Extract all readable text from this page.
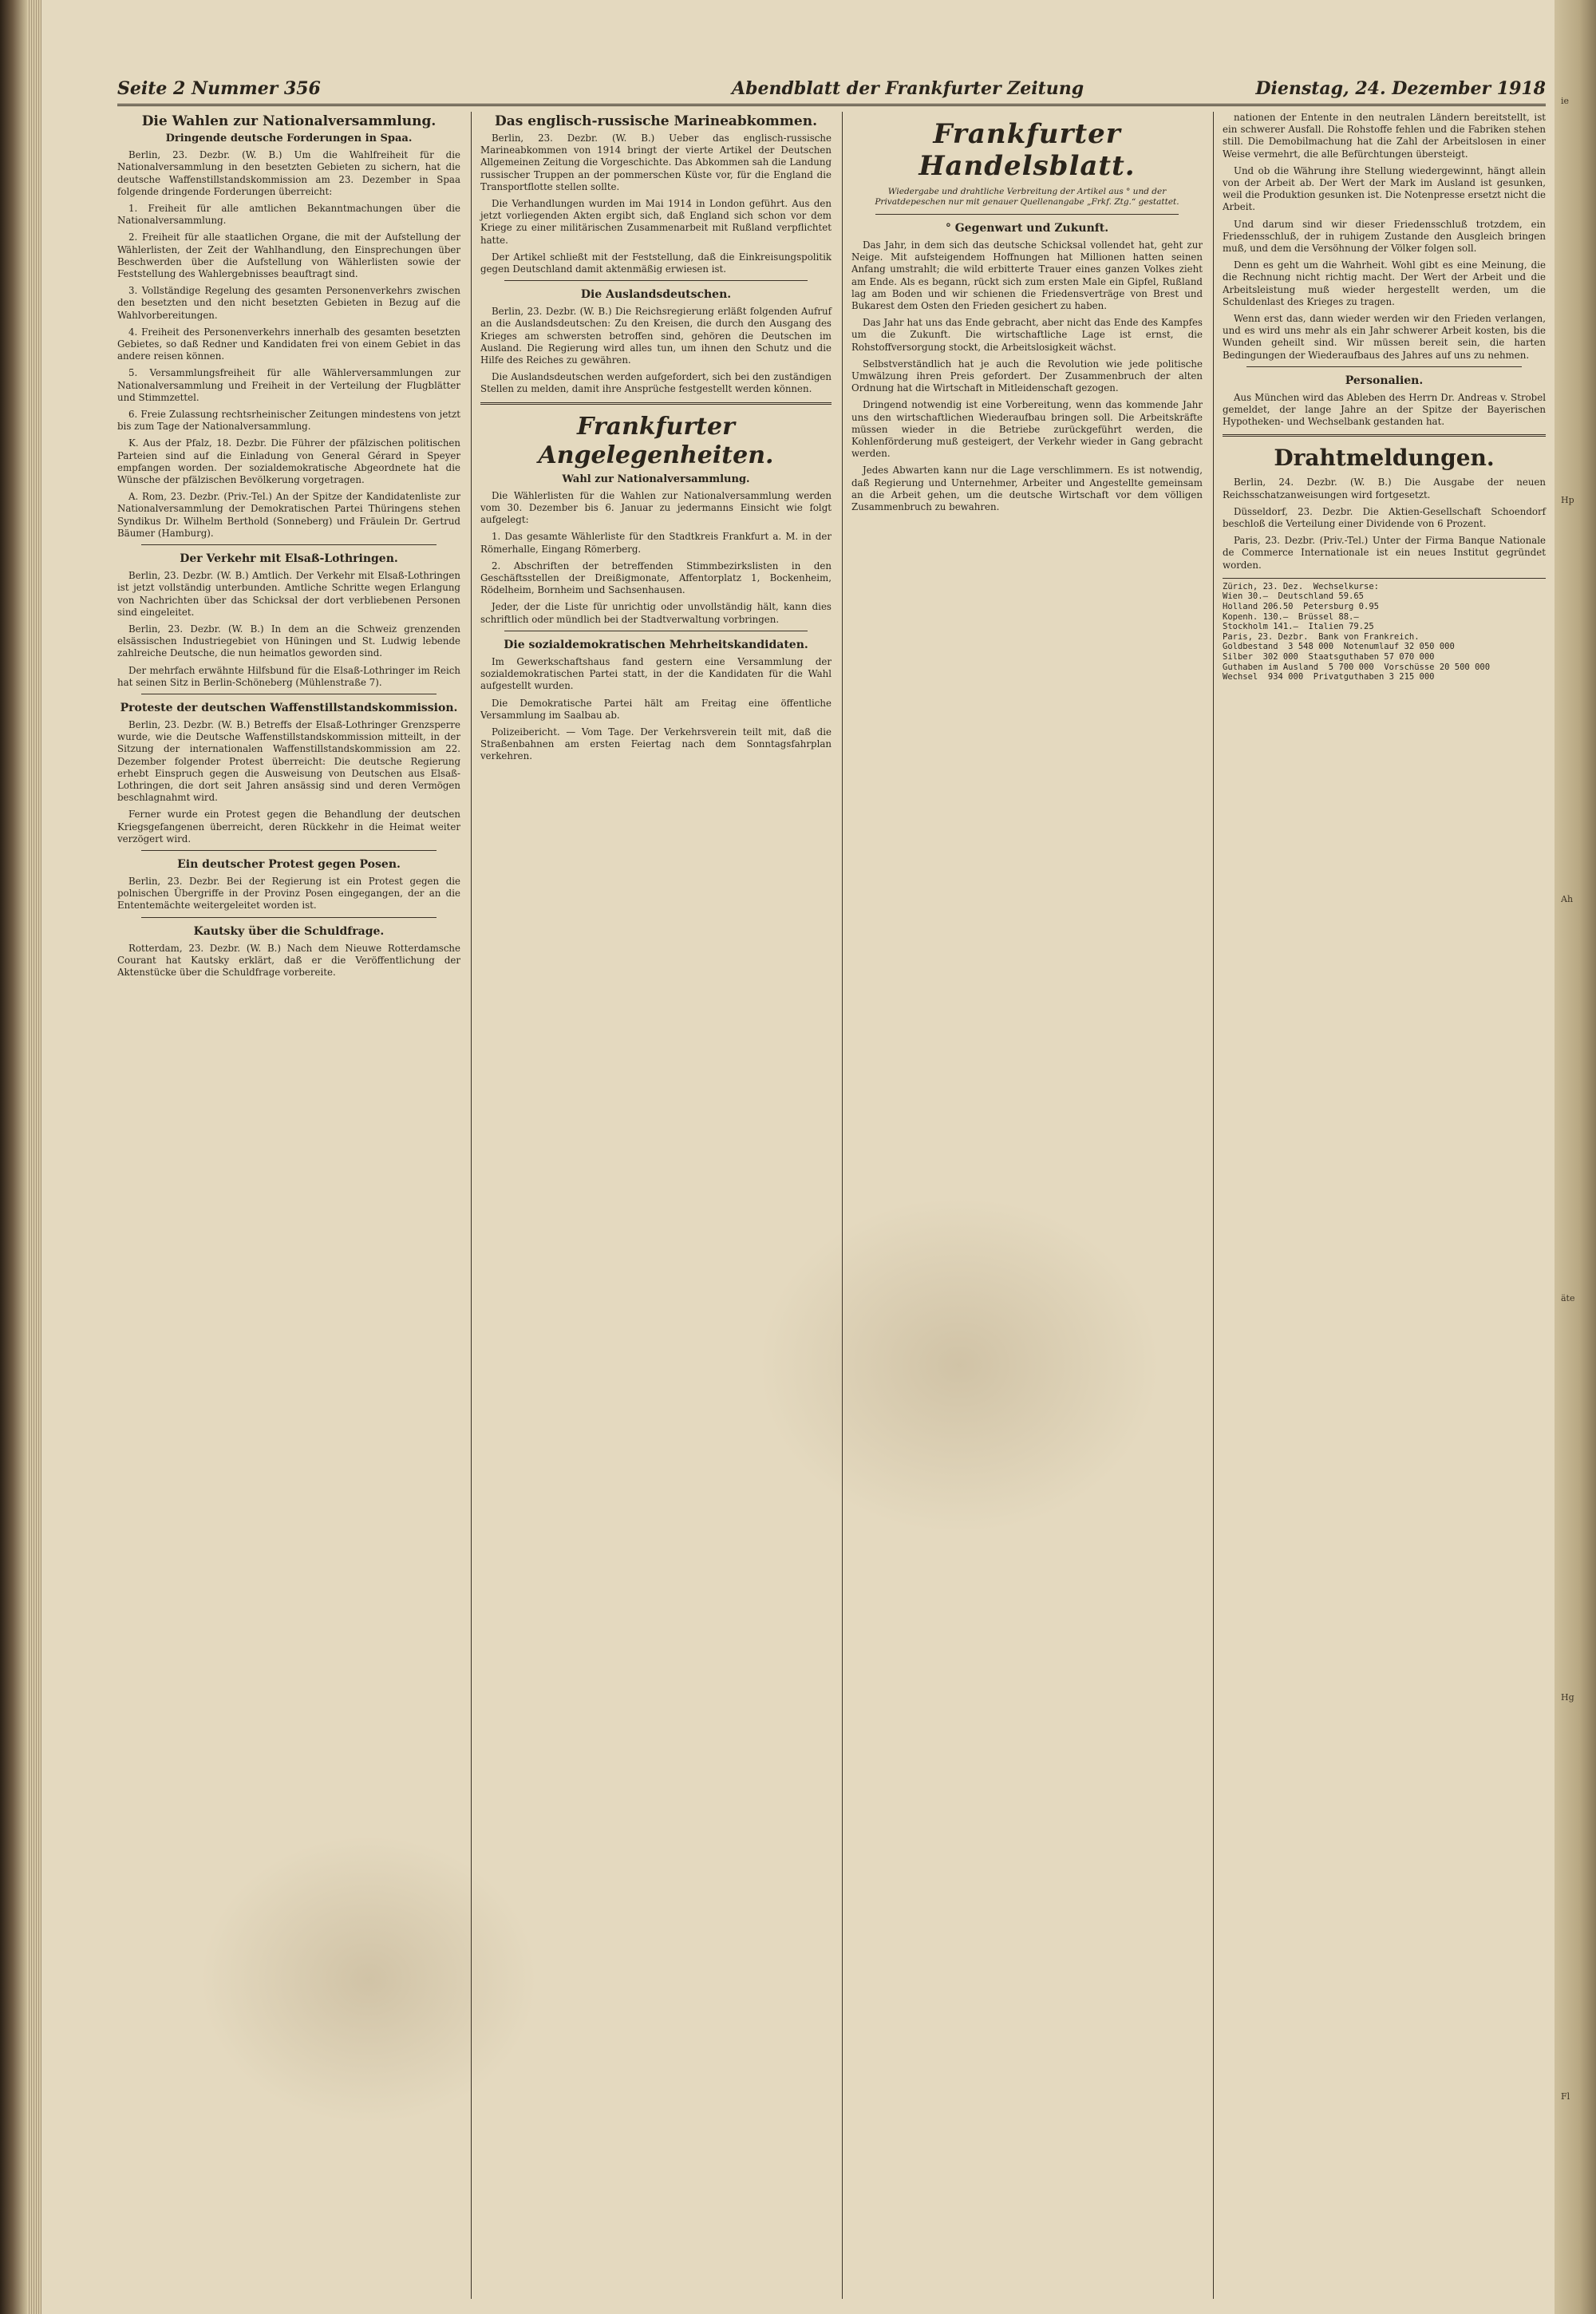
Seite 2 Nummer 356	Abendblatt der Frankfurter Zeitung	Dienstag, 24. Dezember 1918
Die Wahlen zur Nationalversammlung.
Dringende deutsche Forderungen in Spaa.

Berlin, 23. Dezbr. (W. B.) Um die Wahlfreiheit für die Nationalversammlung in den besetzten Gebieten zu sichern, hat die deutsche Waffenstillstandskommission am 23. Dezember in Spaa folgende dringende Forderungen überreicht:

1. Freiheit für alle amtlichen Bekanntmachungen über die Nationalversammlung.

2. Freiheit für alle staatlichen Organe, die mit der Aufstellung der Wählerlisten, der Zeit der Wahlhandlung, den Einsprechungen über Beschwerden über die Aufstellung von Wählerlisten sowie der Feststellung des Wahlergebnisses beauftragt sind.

3. Vollständige Regelung des gesamten Personenverkehrs zwischen den besetzten und den nicht besetzten Gebieten in Bezug auf die Wahlvorbereitungen.

4. Freiheit des Personenverkehrs innerhalb des gesamten besetzten Gebietes, so daß Redner und Kandidaten frei von einem Gebiet in das andere reisen können.

5. Versammlungsfreiheit für alle Wählerversammlungen zur Nationalversammlung und Freiheit in der Verteilung der Flugblätter und Stimmzettel.

6. Freie Zulassung rechtsrheinischer Zeitungen mindestens von jetzt bis zum Tage der Nationalversammlung.

K. Aus der Pfalz, 18. Dezbr. Die Führer der pfälzischen politischen Parteien sind auf die Einladung von General Gérard in Speyer empfangen worden. Der sozialdemokratische Abgeordnete hat die Wünsche der pfälzischen Bevölkerung vorgetragen.

A. Rom, 23. Dezbr. (Priv.-Tel.) An der Spitze der Kandidatenliste zur Nationalversammlung der Demokratischen Partei Thüringens stehen Syndikus Dr. Wilhelm Berthold (Sonneberg) und Fräulein Dr. Gertrud Bäumer (Hamburg).

Der Verkehr mit Elsaß-Lothringen.

Berlin, 23. Dezbr. (W. B.) Amtlich. Der Verkehr mit Elsaß-Lothringen ist jetzt vollständig unterbunden. Amtliche Schritte wegen Erlangung von Nachrichten über das Schicksal der dort verbliebenen Personen sind eingeleitet.

Berlin, 23. Dezbr. (W. B.) In dem an die Schweiz grenzenden elsässischen Industriegebiet von Hüningen und St. Ludwig lebende zahlreiche Deutsche, die nun heimatlos geworden sind.

Der mehrfach erwähnte Hilfsbund für die Elsaß-Lothringer im Reich hat seinen Sitz in Berlin-Schöneberg (Mühlenstraße 7).

Proteste der deutschen Waffenstillstandskommission.

Berlin, 23. Dezbr. (W. B.) Betreffs der Elsaß-Lothringer Grenzsperre wurde, wie die Deutsche Waffenstillstandskommission mitteilt, in der Sitzung der internationalen Waffenstillstandskommission am 22. Dezember folgender Protest überreicht: Die deutsche Regierung erhebt Einspruch gegen die Ausweisung von Deutschen aus Elsaß-Lothringen, die dort seit Jahren ansässig sind und deren Vermögen beschlagnahmt wird.

Ferner wurde ein Protest gegen die Behandlung der deutschen Kriegsgefangenen überreicht, deren Rückkehr in die Heimat weiter verzögert wird.

Ein deutscher Protest gegen Posen.

Berlin, 23. Dezbr. Bei der Regierung ist ein Protest gegen die polnischen Übergriffe in der Provinz Posen eingegangen, der an die Ententemächte weitergeleitet worden ist.

Kautsky über die Schuldfrage.

Rotterdam, 23. Dezbr. (W. B.) Nach dem Nieuwe Rotterdamsche Courant hat Kautsky erklärt, daß er die Veröffentlichung der Aktenstücke über die Schuldfrage vorbereite.

Das englisch-russische Marineabkommen.

Berlin, 23. Dezbr. (W. B.) Ueber das englisch-russische Marineabkommen von 1914 bringt der vierte Artikel der Deutschen Allgemeinen Zeitung die Vorgeschichte. Das Abkommen sah die Landung russischer Truppen an der pommerschen Küste vor, für die England die Transportflotte stellen sollte.

Die Verhandlungen wurden im Mai 1914 in London geführt. Aus den jetzt vorliegenden Akten ergibt sich, daß England sich schon vor dem Kriege zu einer militärischen Zusammenarbeit mit Rußland verpflichtet hatte.

Der Artikel schließt mit der Feststellung, daß die Einkreisungspolitik gegen Deutschland damit aktenmäßig erwiesen ist.

Die Auslandsdeutschen.

Berlin, 23. Dezbr. (W. B.) Die Reichsregierung erläßt folgenden Aufruf an die Auslandsdeutschen: Zu den Kreisen, die durch den Ausgang des Krieges am schwersten betroffen sind, gehören die Deutschen im Ausland. Die Regierung wird alles tun, um ihnen den Schutz und die Hilfe des Reiches zu gewähren.

Die Auslandsdeutschen werden aufgefordert, sich bei den zuständigen Stellen zu melden, damit ihre Ansprüche festgestellt werden können.

Frankfurter Angelegenheiten.
Wahl zur Nationalversammlung.

Die Wählerlisten für die Wahlen zur Nationalversammlung werden vom 30. Dezember bis 6. Januar zu jedermanns Einsicht wie folgt aufgelegt:

1. Das gesamte Wählerliste für den Stadtkreis Frankfurt a. M. in der Römerhalle, Eingang Römerberg.

2. Abschriften der betreffenden Stimmbezirkslisten in den Geschäftsstellen der Dreißigmonate, Affentorplatz 1, Bockenheim, Rödelheim, Bornheim und Sachsenhausen.

Jeder, der die Liste für unrichtig oder unvollständig hält, kann dies schriftlich oder mündlich bei der Stadtverwaltung vorbringen.

Die sozialdemokratischen Mehrheitskandidaten.

Im Gewerkschaftshaus fand gestern eine Versammlung der sozialdemokratischen Partei statt, in der die Kandidaten für die Wahl aufgestellt wurden.

Die Demokratische Partei hält am Freitag eine öffentliche Versammlung im Saalbau ab.

Polizeibericht. — Vom Tage. Der Verkehrsverein teilt mit, daß die Straßenbahnen am ersten Feiertag nach dem Sonntagsfahrplan verkehren.

Frankfurter Handelsblatt.
Wiedergabe und drahtliche Verbreitung der Artikel aus ° und der Privatdepeschen nur mit genauer Quellenangabe „Frkf. Ztg.“ gestattet.
° Gegenwart und Zukunft.

Das Jahr, in dem sich das deutsche Schicksal vollendet hat, geht zur Neige. Mit aufsteigendem Hoffnungen hat Millionen hatten seinen Anfang umstrahlt; die wild erbitterte Trauer eines ganzen Volkes zieht am Ende. Als es begann, rückt sich zum ersten Male ein Gipfel, Rußland lag am Boden und wir schienen die Friedensverträge von Brest und Bukarest dem Osten den Frieden gesichert zu haben.

Das Jahr hat uns das Ende gebracht, aber nicht das Ende des Kampfes um die Zukunft. Die wirtschaftliche Lage ist ernst, die Rohstoffversorgung stockt, die Arbeitslosigkeit wächst.

Selbstverständlich hat je auch die Revolution wie jede politische Umwälzung ihren Preis gefordert. Der Zusammenbruch der alten Ordnung hat die Wirtschaft in Mitleidenschaft gezogen.

Dringend notwendig ist eine Vorbereitung, wenn das kommende Jahr uns den wirtschaftlichen Wiederaufbau bringen soll. Die Arbeitskräfte müssen wieder in die Betriebe zurückgeführt werden, die Kohlenförderung muß gesteigert, der Verkehr wieder in Gang gebracht werden.

Jedes Abwarten kann nur die Lage verschlimmern. Es ist notwendig, daß Regierung und Unternehmer, Arbeiter und Angestellte gemeinsam an die Arbeit gehen, um die deutsche Wirtschaft vor dem völligen Zusammenbruch zu bewahren.

nationen der Entente in den neutralen Ländern bereitstellt, ist ein schwerer Ausfall. Die Rohstoffe fehlen und die Fabriken stehen still. Die Demobilmachung hat die Zahl der Arbeitslosen in einer Weise vermehrt, die alle Befürchtungen übersteigt.

Und ob die Währung ihre Stellung wiedergewinnt, hängt allein von der Arbeit ab. Der Wert der Mark im Ausland ist gesunken, weil die Produktion gesunken ist. Die Notenpresse ersetzt nicht die Arbeit.

Und darum sind wir dieser Friedensschluß trotzdem, ein Friedensschluß, der in ruhigem Zustande den Ausgleich bringen muß, und dem die Versöhnung der Völker folgen soll.

Denn es geht um die Wahrheit. Wohl gibt es eine Meinung, die die Rechnung nicht richtig macht. Der Wert der Arbeit und die Arbeitsleistung muß wieder hergestellt werden, um die Schuldenlast des Krieges zu tragen.

Wenn erst das, dann wieder werden wir den Frieden verlangen, und es wird uns mehr als ein Jahr schwerer Arbeit kosten, bis die Wunden geheilt sind. Wir müssen bereit sein, die harten Bedingungen der Wiederaufbaus des Jahres auf uns zu nehmen.

Personalien.

Aus München wird das Ableben des Herrn Dr. Andreas v. Strobel gemeldet, der lange Jahre an der Spitze der Bayerischen Hypotheken- und Wechselbank gestanden hat.

Drahtmeldungen.

Berlin, 24. Dezbr. (W. B.) Die Ausgabe der neuen Reichsschatzanweisungen wird fortgesetzt.

Düsseldorf, 23. Dezbr. Die Aktien-Gesellschaft Schoendorf beschloß die Verteilung einer Dividende von 6 Prozent.

Paris, 23. Dezbr. (Priv.-Tel.) Unter der Firma Banque Nationale de Commerce Internationale ist ein neues Institut gegründet worden.

Zürich, 23. Dez.  Wechselkurse:
Wien 30.—  Deutschland 59.65
Holland 206.50  Petersburg 0.95
Kopenh. 130.—  Brüssel 88.—
Stockholm 141.—  Italien 79.25
Paris, 23. Dezbr.  Bank von Frankreich.
Goldbestand  3 548 000  Notenumlauf 32 050 000
Silber  302 000  Staatsguthaben 57 070 000
Guthaben im Ausland  5 700 000  Vorschüsse 20 500 000
Wechsel  934 000  Privatguthaben 3 215 000
ie
Hp
Ah
äte
Hg
Fl
